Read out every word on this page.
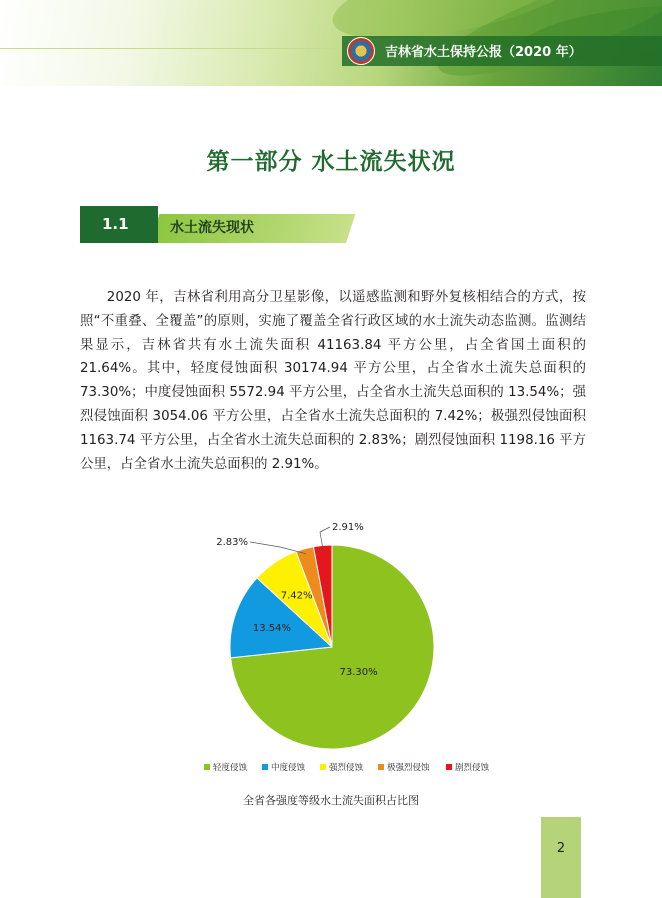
吉林省水土保持公报（2020 年）
第一部分 水土流失状况
1.1	水土流失现状

2020 年，吉林省利用高分卫星影像，以遥感监测和野外复核相结合的方式，按照“不重叠、全覆盖”的原则，实施了覆盖全省行政区域的水土流失动态监测。监测结果显示，吉林省共有水土流失面积 41163.84 平方公里，占全省国土面积的 21.64%。其中，轻度侵蚀面积 30174.94 平方公里，占全省水土流失总面积的 73.30%；中度侵蚀面积 5572.94 平方公里，占全省水土流失总面积的 13.54%；强烈侵蚀面积 3054.06 平方公里，占全省水土流失总面积的 7.42%；极强烈侵蚀面积 1163.74 平方公里，占全省水土流失总面积的 2.83%；剧烈侵蚀面积 1198.16 平方公里，占全省水土流失总面积的 2.91%。

73.30%
13.54%
7.42%
2.83%
2.91%
轻度侵蚀	中度侵蚀	强烈侵蚀	极强烈侵蚀	剧烈侵蚀
全省各强度等级水土流失面积占比图
2
